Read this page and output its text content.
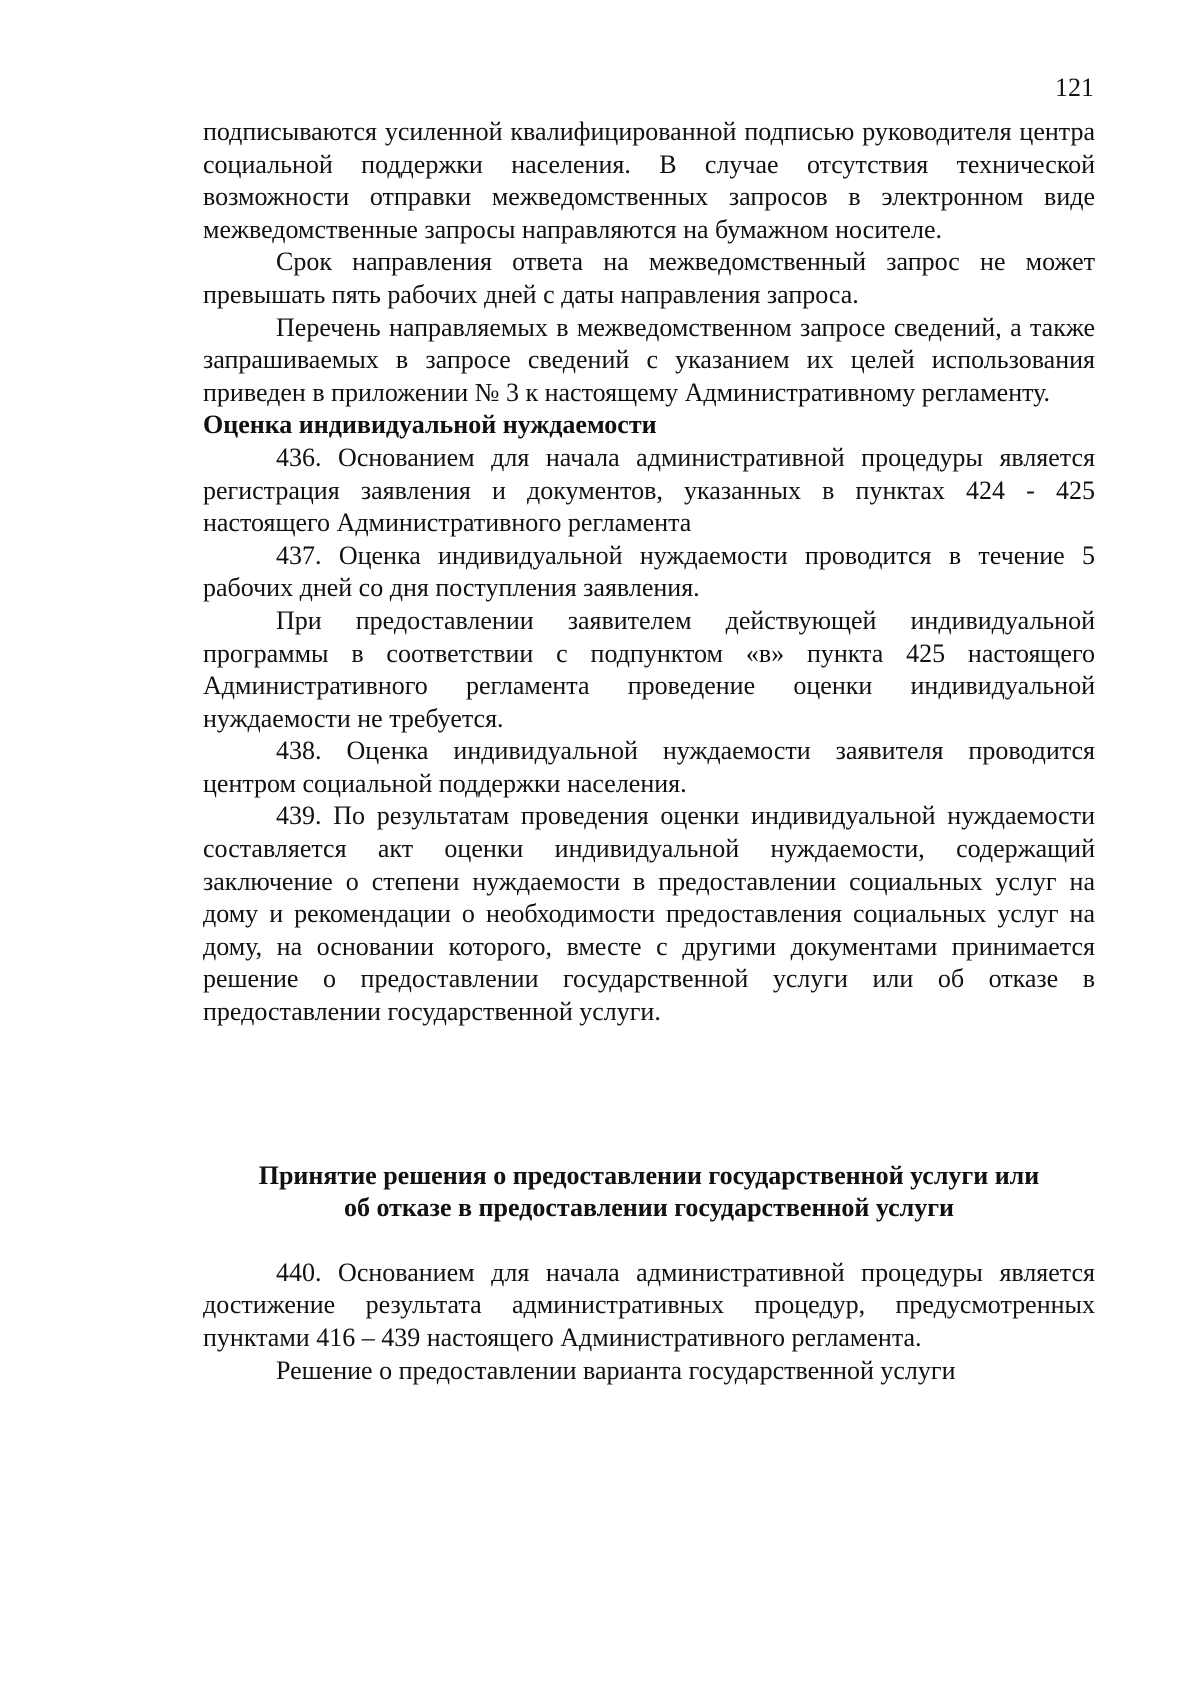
121

подписываются усиленной квалифицированной подписью руководителя центра социальной поддержки населения. В случае отсутствия технической возможности отправки межведомственных запросов в электронном виде межведомственные запросы направляются на бумажном носителе.

Срок направления ответа на межведомственный запрос не может превышать пять рабочих дней с даты направления запроса.

Перечень направляемых в межведомственном запросе сведений, а также запрашиваемых в запросе сведений с указанием их целей использования приведен в приложении № 3 к настоящему Административному регламенту.

Оценка индивидуальной нуждаемости

436. Основанием для начала административной процедуры является регистрация заявления и документов, указанных в пунктах 424 - 425 настоящего Административного регламента

437. Оценка индивидуальной нуждаемости проводится в течение 5 рабочих дней со дня поступления заявления.

При предоставлении заявителем действующей индивидуальной программы в соответствии с подпунктом «в» пункта 425 настоящего Административного регламента проведение оценки индивидуальной нуждаемости не требуется.

438. Оценка индивидуальной нуждаемости заявителя проводится центром социальной поддержки населения.

439. По результатам проведения оценки индивидуальной нуждаемости составляется акт оценки индивидуальной нуждаемости, содержащий заключение о степени нуждаемости в предоставлении социальных услуг на дому и рекомендации о необходимости предоставления социальных услуг на дому, на основании которого, вместе с другими документами принимается решение о предоставлении государственной услуги или об отказе в предоставлении государственной услуги.

Принятие решения о предоставлении государственной услуги или
об отказе в предоставлении государственной услуги

440. Основанием для начала административной процедуры является достижение результата административных процедур, предусмотренных пунктами 416 – 439 настоящего Административного регламента.

Решение о предоставлении варианта государственной услуги
